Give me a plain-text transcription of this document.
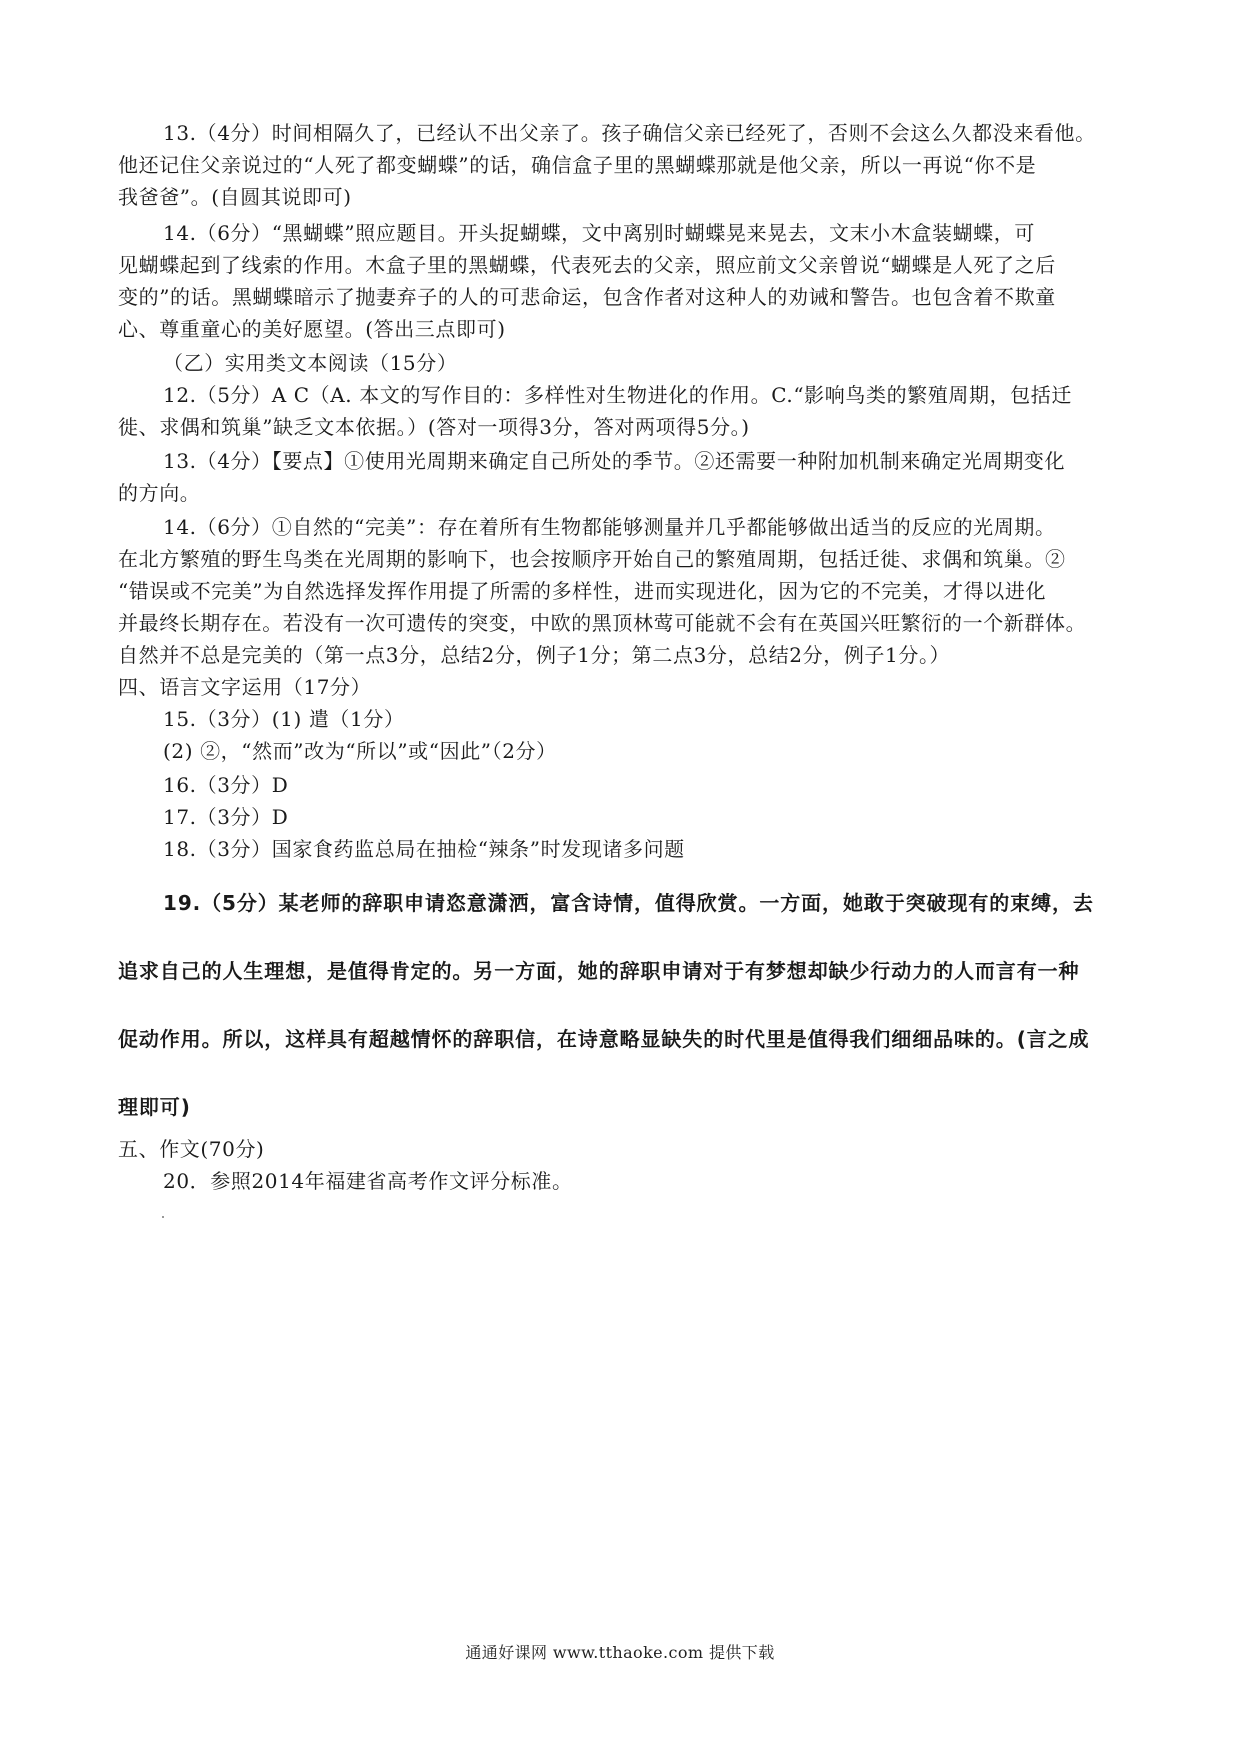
13.（4分）时间相隔久了，已经认不出父亲了。孩子确信父亲已经死了，否则不会这么久都没来看他。
他还记住父亲说过的“人死了都变蝴蝶”的话，确信盒子里的黑蝴蝶那就是他父亲，所以一再说“你不是
我爸爸”。(自圆其说即可)
14.（6分）“黑蝴蝶”照应题目。开头捉蝴蝶，文中离别时蝴蝶晃来晃去，文末小木盒装蝴蝶，可
见蝴蝶起到了线索的作用。木盒子里的黑蝴蝶，代表死去的父亲，照应前文父亲曾说“蝴蝶是人死了之后
变的”的话。黑蝴蝶暗示了抛妻弃子的人的可悲命运，包含作者对这种人的劝诫和警告。也包含着不欺童
心、尊重童心的美好愿望。(答出三点即可)
（乙）实用类文本阅读（15分）
12.（5分）A C（A. 本文的写作目的：多样性对生物进化的作用。C.“影响鸟类的繁殖周期，包括迁
徙、求偶和筑巢”缺乏文本依据。）(答对一项得3分，答对两项得5分。)
13.（4分）【要点】①使用光周期来确定自己所处的季节。②还需要一种附加机制来确定光周期变化
的方向。
14.（6分）①自然的“完美”：存在着所有生物都能够测量并几乎都能够做出适当的反应的光周期。
在北方繁殖的野生鸟类在光周期的影响下，也会按顺序开始自己的繁殖周期，包括迁徙、求偶和筑巢。②
“错误或不完美”为自然选择发挥作用提了所需的多样性，进而实现进化，因为它的不完美，才得以进化
并最终长期存在。若没有一次可遗传的突变，中欧的黑顶林莺可能就不会有在英国兴旺繁衍的一个新群体。
自然并不总是完美的（第一点3分，总结2分，例子1分；第二点3分，总结2分，例子1分。）
四、语言文字运用（17分）
15.（3分）(1) 遣（1分）
(2) ②，“然而”改为“所以”或“因此”（2分）
16.（3分）D
17.（3分）D
18.（3分）国家食药监总局在抽检“辣条”时发现诸多问题
19.（5分）某老师的辞职申请恣意潇洒，富含诗情，值得欣赏。一方面，她敢于突破现有的束缚，去
追求自己的人生理想，是值得肯定的。另一方面，她的辞职申请对于有梦想却缺少行动力的人而言有一种
促动作用。所以，这样具有超越情怀的辞职信，在诗意略显缺失的时代里是值得我们细细品味的。(言之成
理即可)
五、作文(70分)
20．参照2014年福建省高考作文评分标准。
通通好课网 www.tthaoke.com 提供下载
